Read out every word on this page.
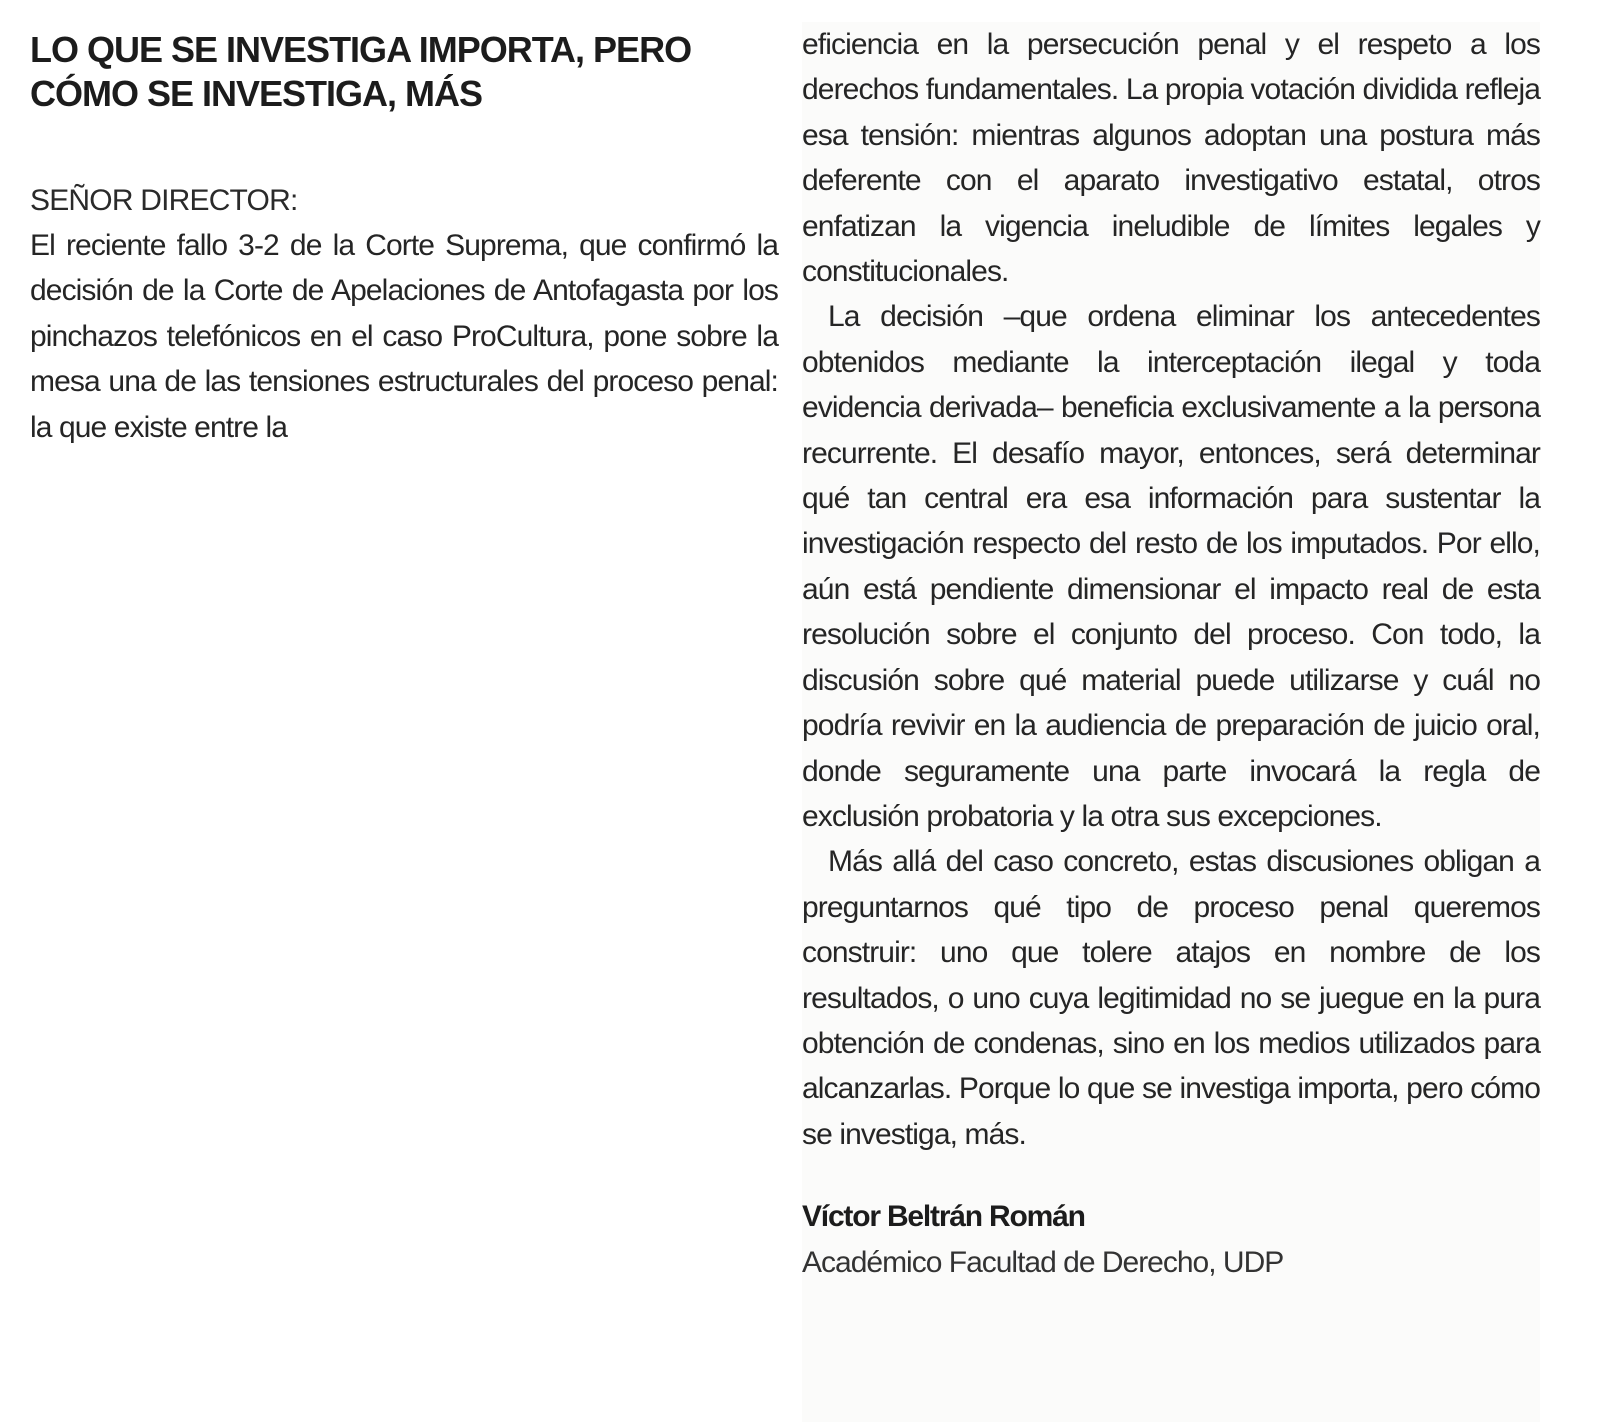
LO QUE SE INVESTIGA IMPORTA, PERO CÓMO SE INVESTIGA, MÁS
SEÑOR DIRECTOR:

El reciente fallo 3-2 de la Corte Suprema, que confirmó la decisión de la Corte de Apelaciones de Antofagasta por los pinchazos telefónicos en el caso ProCultura, pone sobre la mesa una de las tensiones estructurales del proceso penal: la que existe entre la

eficiencia en la persecución penal y el respeto a los derechos fundamentales. La propia votación dividida refleja esa tensión: mientras algunos adoptan una postura más deferente con el aparato investigativo estatal, otros enfatizan la vigencia ineludible de límites legales y constitucionales.

La decisión –que ordena eliminar los antecedentes obtenidos mediante la interceptación ilegal y toda evidencia derivada– beneficia exclusivamente a la persona recurrente. El desafío mayor, entonces, será determinar qué tan central era esa información para sustentar la investigación respecto del resto de los imputados. Por ello, aún está pendiente dimensionar el impacto real de esta resolución sobre el conjunto del proceso. Con todo, la discusión sobre qué material puede utilizarse y cuál no podría revivir en la audiencia de preparación de juicio oral, donde seguramente una parte invocará la regla de exclusión probatoria y la otra sus excepciones.

Más allá del caso concreto, estas discusiones obligan a preguntarnos qué tipo de proceso penal queremos construir: uno que tolere atajos en nombre de los resultados, o uno cuya legitimidad no se juegue en la pura obtención de condenas, sino en los medios utilizados para alcanzarlas. Porque lo que se investiga importa, pero cómo se investiga, más.

Víctor Beltrán Román
Académico Facultad de Derecho, UDP
